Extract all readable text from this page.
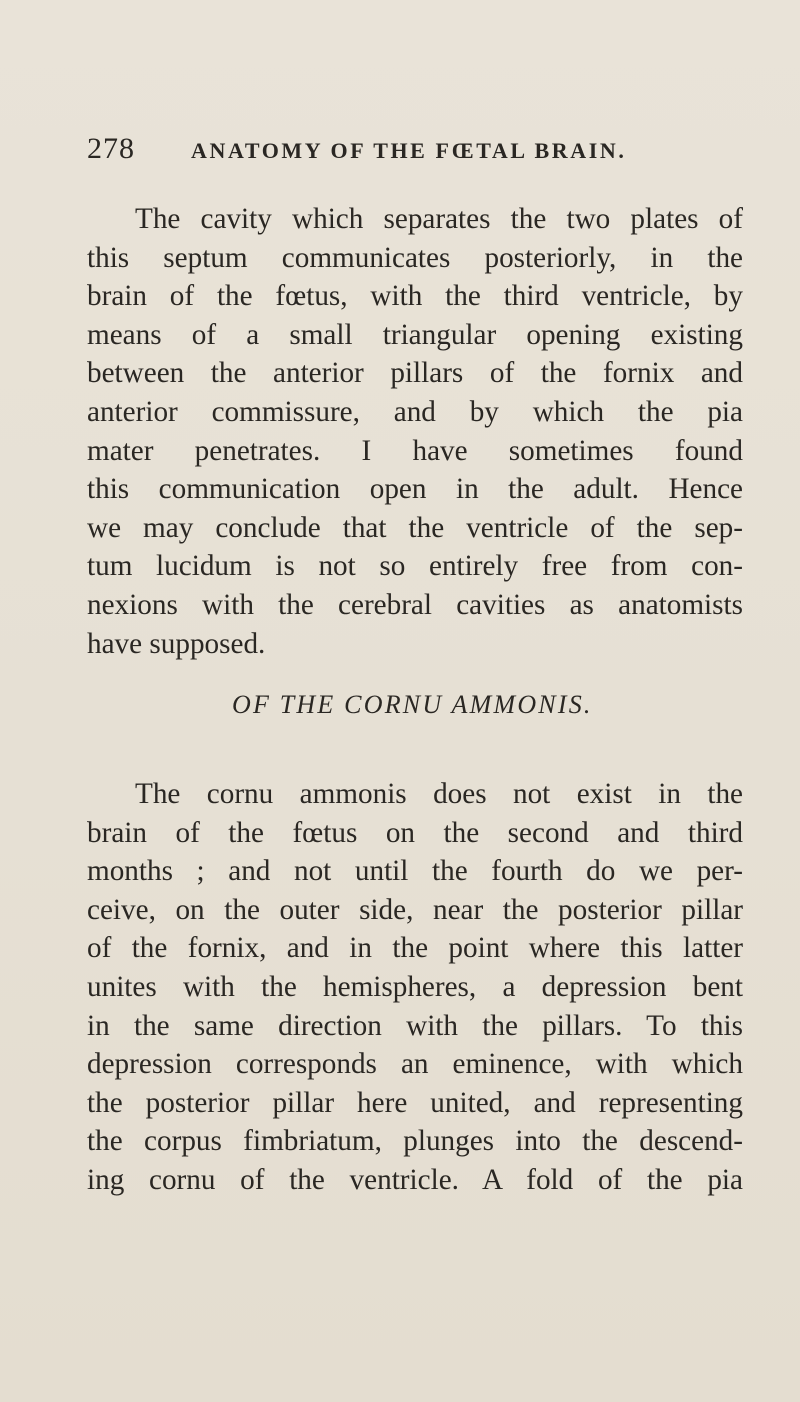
278	ANATOMY OF THE FŒTAL BRAIN.
The cavity which separates the two plates of
this septum communicates posteriorly, in the
brain of the fœtus, with the third ventricle, by
means of a small triangular opening existing
between the anterior pillars of the fornix and
anterior commissure, and by which the pia
mater penetrates. I have sometimes found
this communication open in the adult. Hence
we may conclude that the ventricle of the sep-
tum lucidum is not so entirely free from con-
nexions with the cerebral cavities as anatomists
have supposed.
OF THE CORNU AMMONIS.
The cornu ammonis does not exist in the
brain of the fœtus on the second and third
months ; and not until the fourth do we per-
ceive, on the outer side, near the posterior pillar
of the fornix, and in the point where this latter
unites with the hemispheres, a depression bent
in the same direction with the pillars. To this
depression corresponds an eminence, with which
the posterior pillar here united, and representing
the corpus fimbriatum, plunges into the descend-
ing cornu of the ventricle. A fold of the pia
